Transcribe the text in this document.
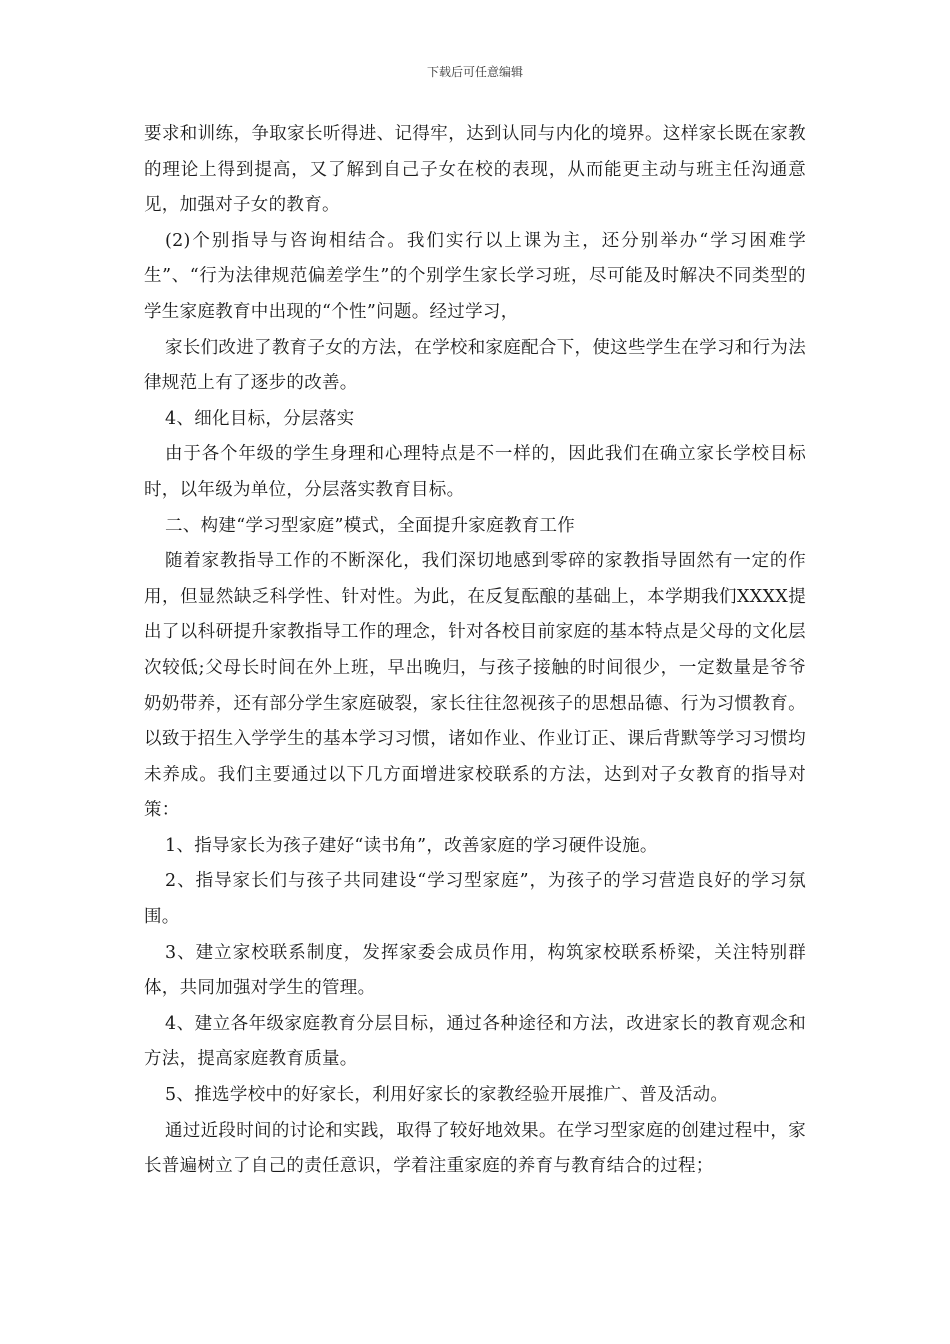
下载后可任意编辑

要求和训练，争取家长听得进、记得牢，达到认同与内化的境界。这样家长既在家教的理论上得到提高，又了解到自己子女在校的表现，从而能更主动与班主任沟通意见，加强对子女的教育。

(2)个别指导与咨询相结合。我们实行以上课为主，还分别举办“学习困难学生”、“行为法律规范偏差学生”的个别学生家长学习班，尽可能及时解决不同类型的学生家庭教育中出现的“个性”问题。经过学习，

家长们改进了教育子女的方法，在学校和家庭配合下，使这些学生在学习和行为法律规范上有了逐步的改善。

4、细化目标，分层落实

由于各个年级的学生身理和心理特点是不一样的，因此我们在确立家长学校目标时，以年级为单位，分层落实教育目标。

二、构建“学习型家庭”模式，全面提升家庭教育工作

随着家教指导工作的不断深化，我们深切地感到零碎的家教指导固然有一定的作用，但显然缺乏科学性、针对性。为此，在反复酝酿的基础上，本学期我们XXXX提出了以科研提升家教指导工作的理念，针对各校目前家庭的基本特点是父母的文化层次较低;父母长时间在外上班，早出晚归，与孩子接触的时间很少，一定数量是爷爷奶奶带养，还有部分学生家庭破裂，家长往往忽视孩子的思想品德、行为习惯教育。以致于招生入学学生的基本学习习惯，诸如作业、作业订正、课后背默等学习习惯均未养成。我们主要通过以下几方面增进家校联系的方法，达到对子女教育的指导对策：

1、指导家长为孩子建好“读书角”，改善家庭的学习硬件设施。

2、指导家长们与孩子共同建设“学习型家庭”，为孩子的学习营造良好的学习氛围。

3、建立家校联系制度，发挥家委会成员作用，构筑家校联系桥梁，关注特别群体，共同加强对学生的管理。

4、建立各年级家庭教育分层目标，通过各种途径和方法，改进家长的教育观念和方法，提高家庭教育质量。

5、推选学校中的好家长，利用好家长的家教经验开展推广、普及活动。

通过近段时间的讨论和实践，取得了较好地效果。在学习型家庭的创建过程中，家长普遍树立了自己的责任意识，学着注重家庭的养育与教育结合的过程；
